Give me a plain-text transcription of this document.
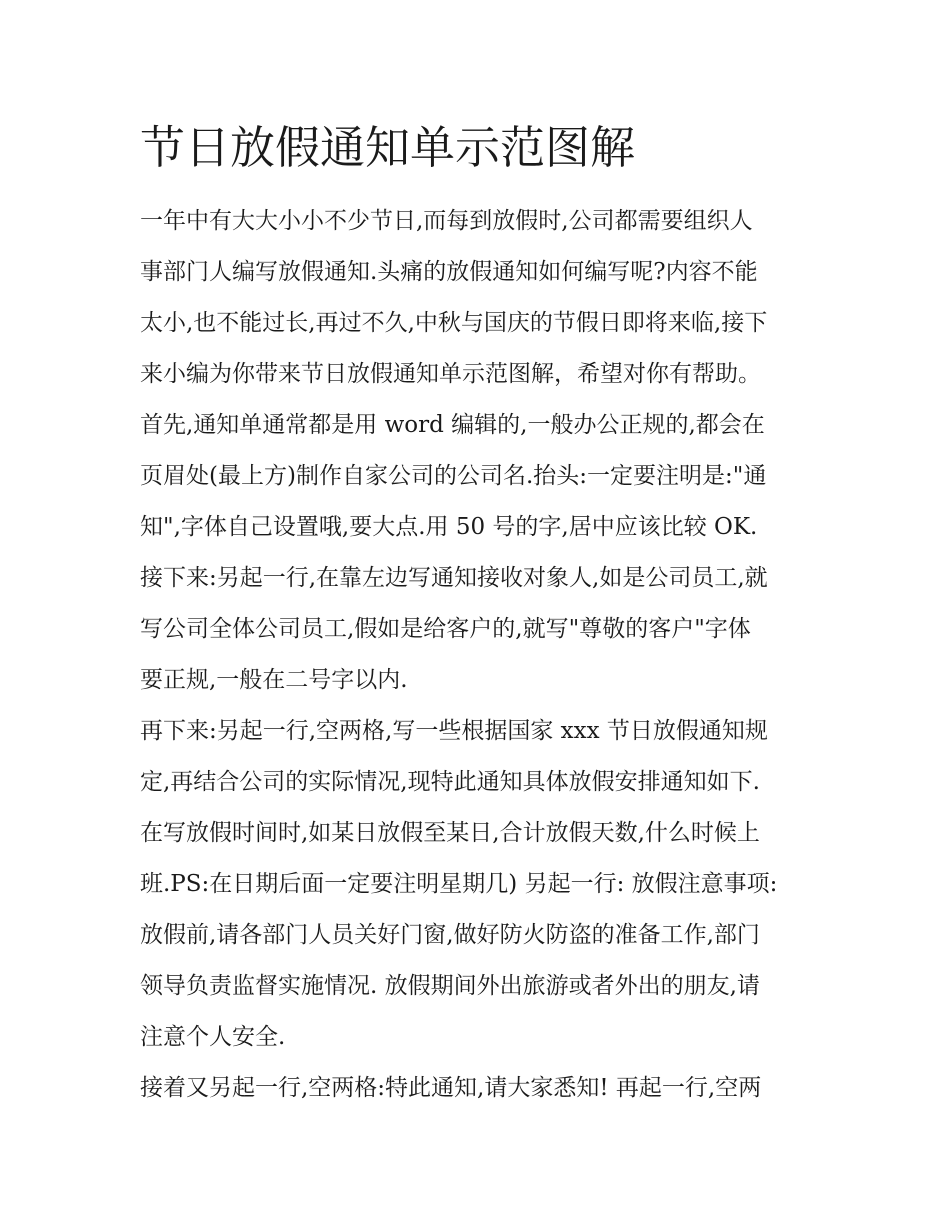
节日放假通知单示范图解

一年中有大大小小不少节日,而每到放假时,公司都需要组织人

事部门人编写放假通知.头痛的放假通知如何编写呢?内容不能

太小,也不能过长,再过不久,中秋与国庆的节假日即将来临,接下

来小编为你带来节日放假通知单示范图解，希望对你有帮助。

首先,通知单通常都是用 word 编辑的,一般办公正规的,都会在

页眉处(最上方)制作自家公司的公司名.抬头:一定要注明是:"通

知",字体自己设置哦,要大点.用 50 号的字,居中应该比较 OK.

接下来:另起一行,在靠左边写通知接收对象人,如是公司员工,就

写公司全体公司员工,假如是给客户的,就写"尊敬的客户"字体

要正规,一般在二号字以内.

再下来:另起一行,空两格,写一些根据国家 xxx 节日放假通知规

定,再结合公司的实际情况,现特此通知具体放假安排通知如下.

在写放假时间时,如某日放假至某日,合计放假天数,什么时候上

班.PS:在日期后面一定要注明星期几) 另起一行: 放假注意事项:

放假前,请各部门人员关好门窗,做好防火防盗的准备工作,部门

领导负责监督实施情况. 放假期间外出旅游或者外出的朋友,请

注意个人安全.

接着又另起一行,空两格:特此通知,请大家悉知! 再起一行,空两
